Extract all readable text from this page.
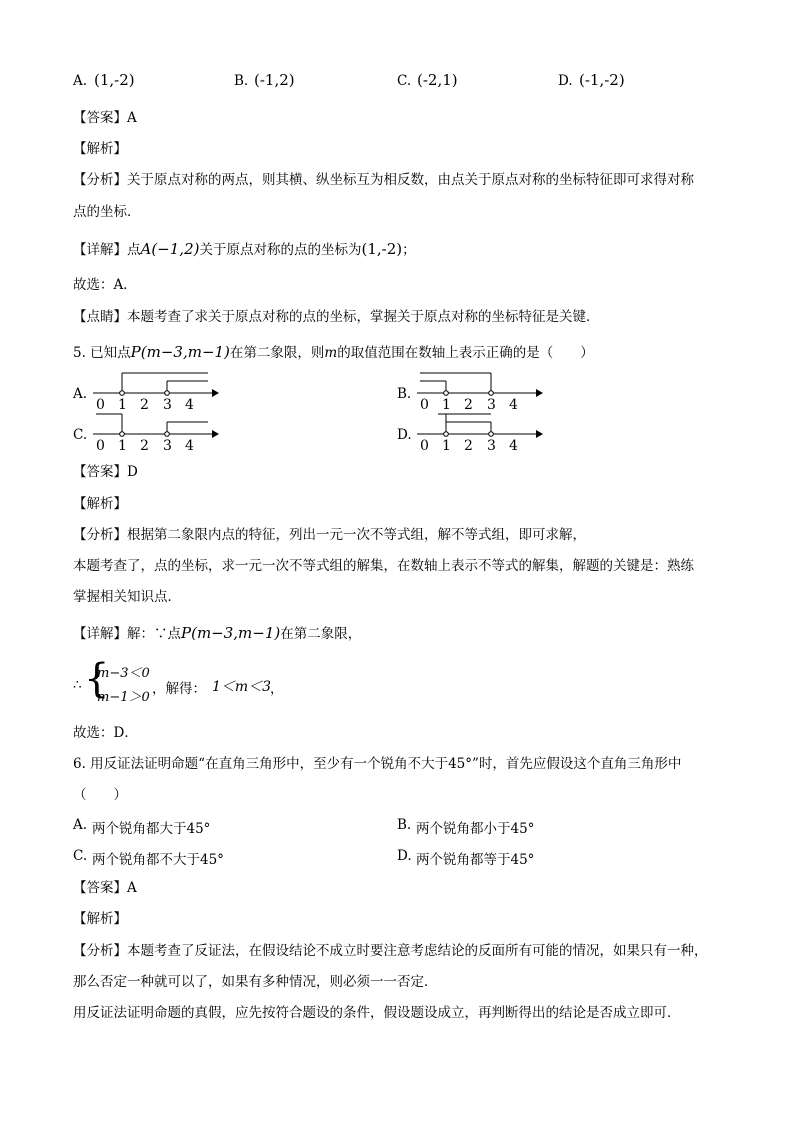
A. (1,-2)	B. (-1,2)	C. (-2,1)	D. (-1,-2)
【答案】A
【解析】
【分析】关于原点对称的两点，则其横、纵坐标互为相反数，由点关于原点对称的坐标特征即可求得对称
点的坐标．
【详解】点A(−1,2)关于原点对称的点的坐标为(1,-2)；
故选：A．
【点睛】本题考查了求关于原点对称的点的坐标，掌握关于原点对称的坐标特征是关键．
5. 已知点P(m−3,m−1)在第二象限，则m的取值范围在数轴上表示正确的是（　　）
A.
0 1 2 3 4
B.
0 1 2 3 4
C.
0 1 2 3 4
D.
0 1 2 3 4
【答案】D
【解析】
【分析】根据第二象限内点的特征，列出一元一次不等式组，解不等式组，即可求解，
本题考查了，点的坐标，求一元一次不等式组的解集，在数轴上表示不等式的解集，解题的关键是：熟练
掌握相关知识点．
【详解】解：∵点P(m−3,m−1)在第二象限，
∴ {
m−3＜0
m−1＞0
，解得： 1＜m＜3
，
故选：D．
6. 用反证法证明命题“在直角三角形中，至少有一个锐角不大于45°”时，首先应假设这个直角三角形中
（　　）
A. 两个锐角都大于45°	B. 两个锐角都小于45°
C. 两个锐角都不大于45°	D. 两个锐角都等于45°
【答案】A
【解析】
【分析】本题考查了反证法，在假设结论不成立时要注意考虑结论的反面所有可能的情况，如果只有一种，
那么否定一种就可以了，如果有多种情况，则必须一一否定．
用反证法证明命题的真假，应先按符合题设的条件，假设题设成立，再判断得出的结论是否成立即可．
